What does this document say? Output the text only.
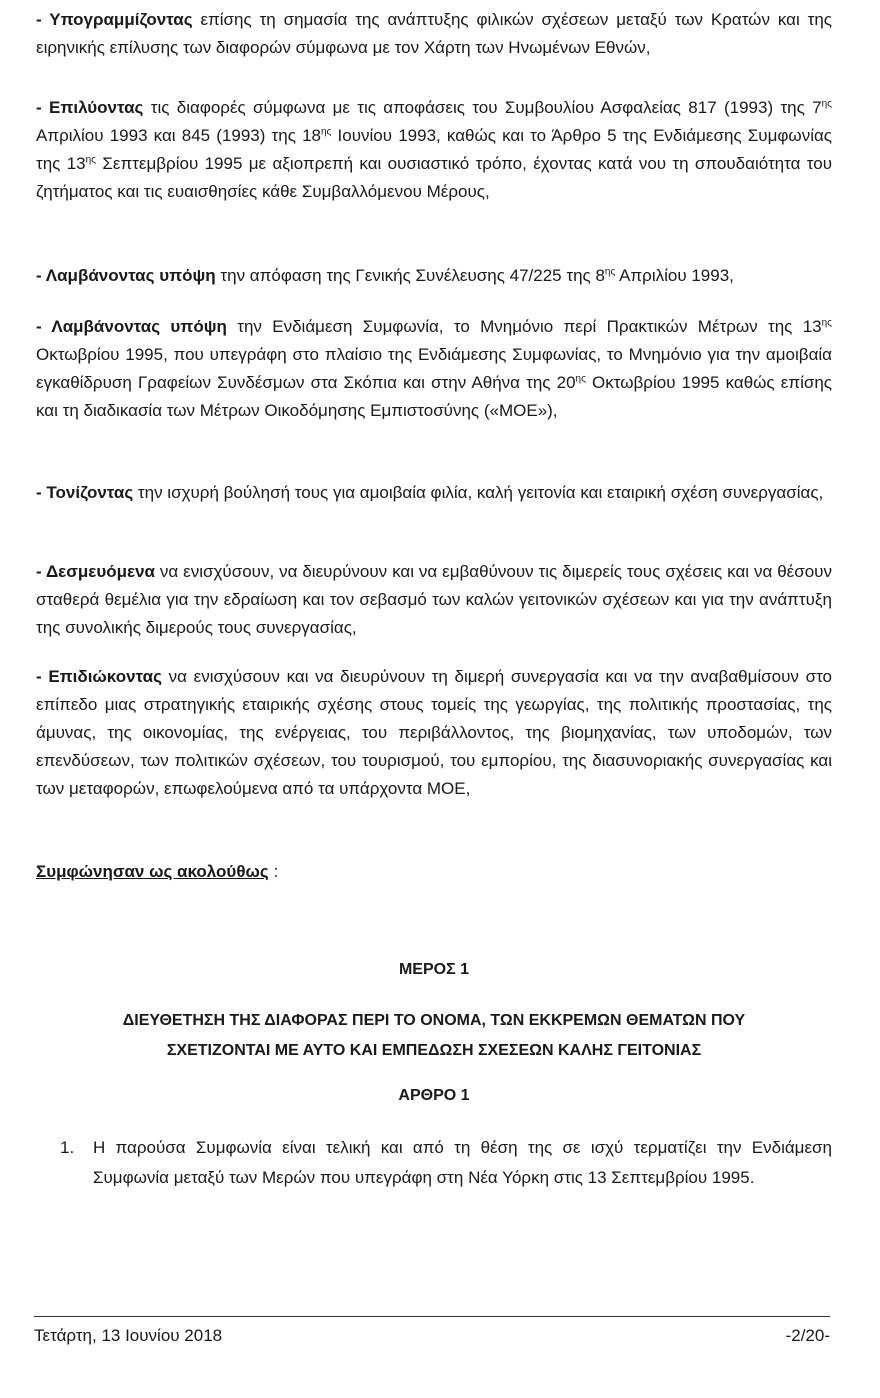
- Υπογραμμίζοντας επίσης τη σημασία της ανάπτυξης φιλικών σχέσεων μεταξύ των Κρατών και της ειρηνικής επίλυσης των διαφορών σύμφωνα με τον Χάρτη των Ηνωμένων Εθνών,

- Επιλύοντας τις διαφορές σύμφωνα με τις αποφάσεις του Συμβουλίου Ασφαλείας 817 (1993) της $7^{\eta\varsigma}$ Απριλίου 1993 και 845 (1993) της $18^{\eta\varsigma}$ Ιουνίου 1993, καθώς και το Άρθρο 5 της Ενδιάμεσης Συμφωνίας της $13^{\eta\varsigma}$ Σεπτεμβρίου 1995 με αξιοπρεπή και ουσιαστικό τρόπο, έχοντας κατά νου τη σπουδαιότητα του ζητήματος και τις ευαισθησίες κάθε Συμβαλλόμενου Μέρους,

- Λαμβάνοντας υπόψη την απόφαση της Γενικής Συνέλευσης 47/225 της $8^{\eta\varsigma}$ Απριλίου 1993,

- Λαμβάνοντας υπόψη την Ενδιάμεση Συμφωνία, το Μνημόνιο περί Πρακτικών Μέτρων της $13^{\eta\varsigma}$ Οκτωβρίου 1995, που υπεγράφη στο πλαίσιο της Ενδιάμεσης Συμφωνίας, το Μνημόνιο για την αμοιβαία εγκαθίδρυση Γραφείων Συνδέσμων στα Σκόπια και στην Αθήνα της $20^{\eta\varsigma}$ Οκτωβρίου 1995 καθώς επίσης και τη διαδικασία των Μέτρων Οικοδόμησης Εμπιστοσύνης («ΜΟΕ»),

- Τονίζοντας την ισχυρή βούλησή τους για αμοιβαία φιλία, καλή γειτονία και εταιρική σχέση συνεργασίας,

- Δεσμευόμενα να ενισχύσουν, να διευρύνουν και να εμβαθύνουν τις διμερείς τους σχέσεις και να θέσουν σταθερά θεμέλια για την εδραίωση και τον σεβασμό των καλών γειτονικών σχέσεων και για την ανάπτυξη της συνολικής διμερούς τους συνεργασίας,

- Επιδιώκοντας να ενισχύσουν και να διευρύνουν τη διμερή συνεργασία και να την αναβαθμίσουν στο επίπεδο μιας στρατηγικής εταιρικής σχέσης στους τομείς της γεωργίας, της πολιτικής προστασίας, της άμυνας, της οικονομίας, της ενέργειας, του περιβάλλοντος, της βιομηχανίας, των υποδομών, των επενδύσεων, των πολιτικών σχέσεων, του τουρισμού, του εμπορίου, της διασυνοριακής συνεργασίας και των μεταφορών, επωφελούμενα από τα υπάρχοντα ΜΟΕ,

Συμφώνησαν ως ακολούθως :
ΜΕΡΟΣ 1
ΔΙΕΥΘΕΤΗΣΗ ΤΗΣ ΔΙΑΦΟΡΑΣ ΠΕΡΙ ΤΟ ΟΝΟΜΑ, ΤΩΝ ΕΚΚΡΕΜΩΝ ΘΕΜΑΤΩΝ ΠΟΥ
ΣΧΕΤΙΖΟΝΤΑΙ ΜΕ ΑΥΤΟ ΚΑΙ ΕΜΠΕΔΩΣΗ ΣΧΕΣΕΩΝ ΚΑΛΗΣ ΓΕΙΤΟΝΙΑΣ
ΑΡΘΡΟ 1
1. Η παρούσα Συμφωνία είναι τελική και από τη θέση της σε ισχύ τερματίζει την Ενδιάμεση Συμφωνία μεταξύ των Μερών που υπεγράφη στη Νέα Υόρκη στις 13 Σεπτεμβρίου 1995.
Τετάρτη, 13 Ιουνίου 2018	-2/20-
